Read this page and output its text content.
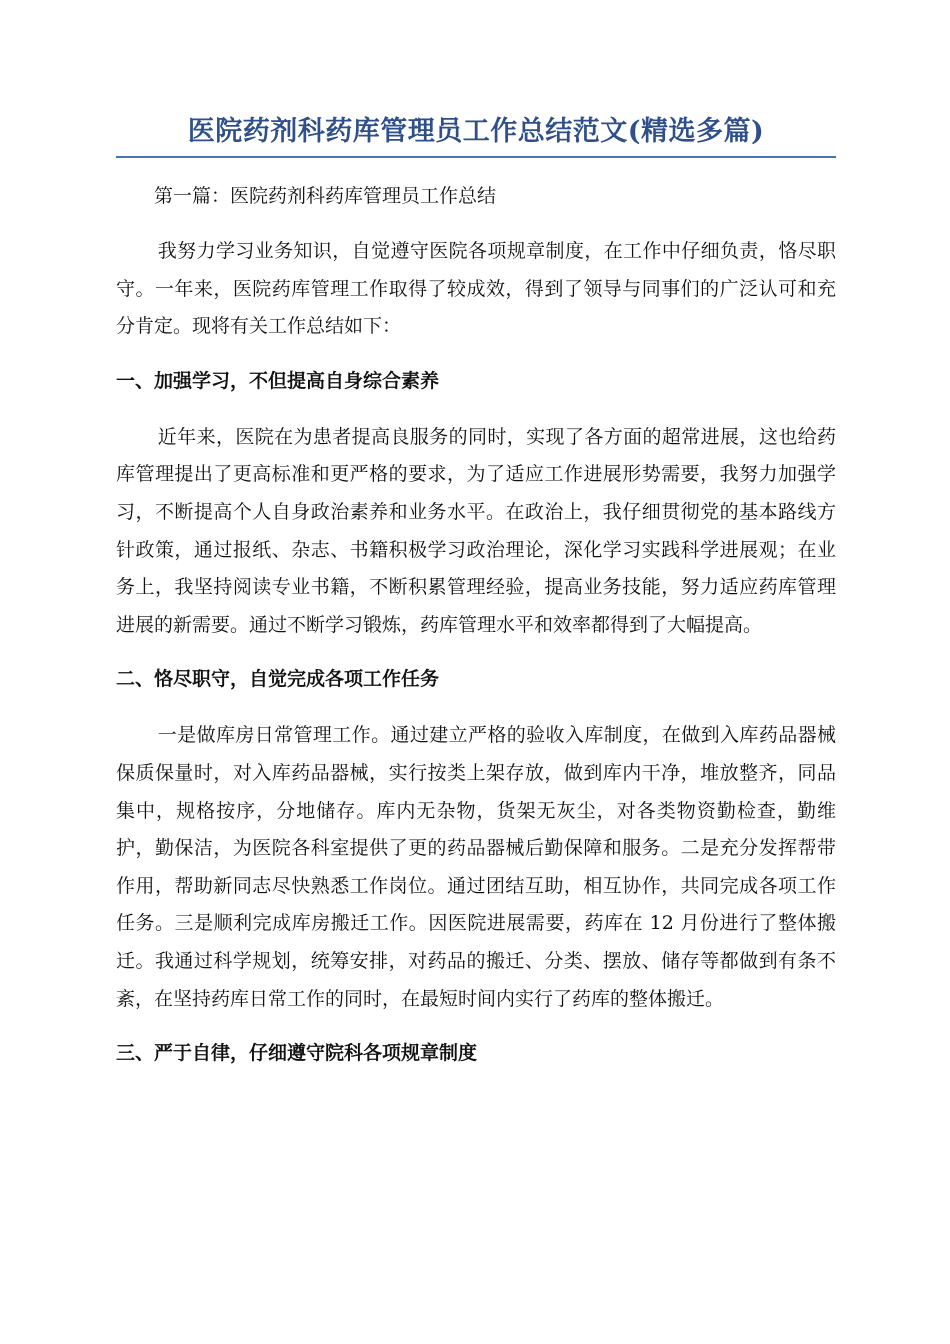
医院药剂科药库管理员工作总结范文(精选多篇)
第一篇：医院药剂科药库管理员工作总结

我努力学习业务知识，自觉遵守医院各项规章制度，在工作中仔细负责，恪尽职守。一年来，医院药库管理工作取得了较成效，得到了领导与同事们的广泛认可和充分肯定。现将有关工作总结如下：

一、加强学习，不但提高自身综合素养

近年来，医院在为患者提高良服务的同时，实现了各方面的超常进展，这也给药库管理提出了更高标准和更严格的要求，为了适应工作进展形势需要，我努力加强学习，不断提高个人自身政治素养和业务水平。在政治上，我仔细贯彻党的基本路线方针政策，通过报纸、杂志、书籍积极学习政治理论，深化学习实践科学进展观；在业务上，我坚持阅读专业书籍，不断积累管理经验，提高业务技能，努力适应药库管理进展的新需要。通过不断学习锻炼，药库管理水平和效率都得到了大幅提高。

二、恪尽职守，自觉完成各项工作任务

一是做库房日常管理工作。通过建立严格的验收入库制度，在做到入库药品器械保质保量时，对入库药品器械，实行按类上架存放，做到库内干净，堆放整齐，同品集中，规格按序，分地储存。库内无杂物，货架无灰尘，对各类物资勤检查，勤维护，勤保洁，为医院各科室提供了更的药品器械后勤保障和服务。二是充分发挥帮带作用，帮助新同志尽快熟悉工作岗位。通过团结互助，相互协作，共同完成各项工作任务。三是顺利完成库房搬迁工作。因医院进展需要，药库在 12 月份进行了整体搬迁。我通过科学规划，统筹安排，对药品的搬迁、分类、摆放、储存等都做到有条不紊，在坚持药库日常工作的同时，在最短时间内实行了药库的整体搬迁。

三、严于自律，仔细遵守院科各项规章制度
